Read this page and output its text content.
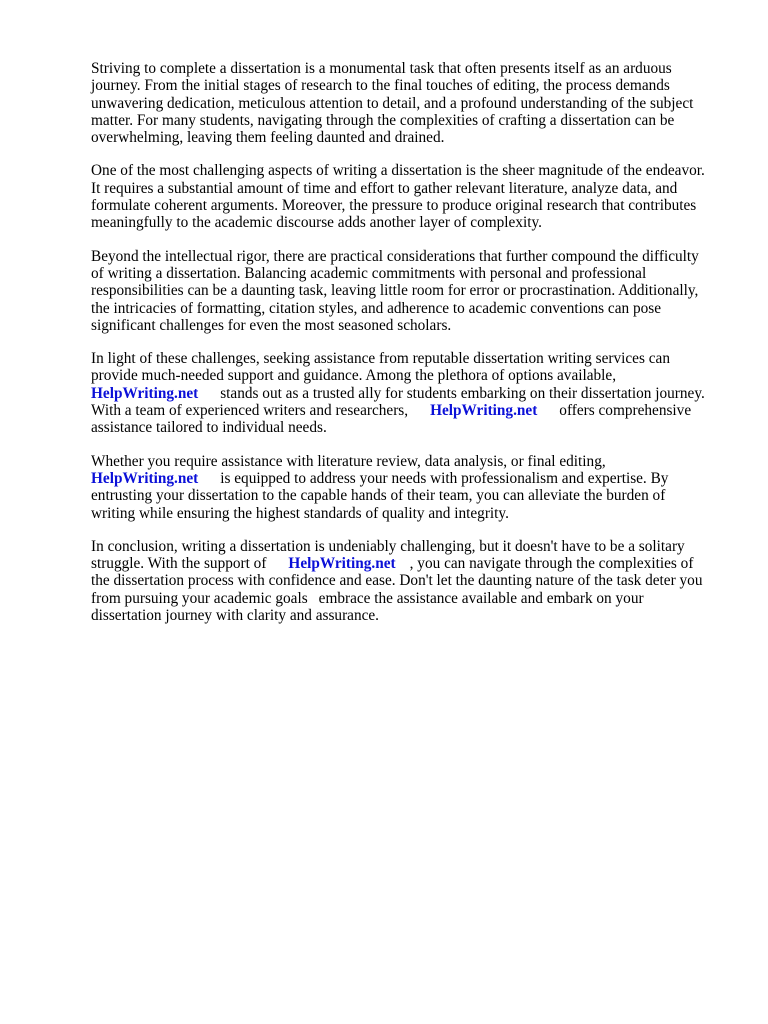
Striving to complete a dissertation is a monumental task that often presents itself as an arduous
journey. From the initial stages of research to the final touches of editing, the process demands
unwavering dedication, meticulous attention to detail, and a profound understanding of the subject
matter. For many students, navigating through the complexities of crafting a dissertation can be
overwhelming, leaving them feeling daunted and drained.

One of the most challenging aspects of writing a dissertation is the sheer magnitude of the endeavor.
It requires a substantial amount of time and effort to gather relevant literature, analyze data, and
formulate coherent arguments. Moreover, the pressure to produce original research that contributes
meaningfully to the academic discourse adds another layer of complexity.

Beyond the intellectual rigor, there are practical considerations that further compound the difficulty
of writing a dissertation. Balancing academic commitments with personal and professional
responsibilities can be a daunting task, leaving little room for error or procrastination. Additionally,
the intricacies of formatting, citation styles, and adherence to academic conventions can pose
significant challenges for even the most seasoned scholars.

In light of these challenges, seeking assistance from reputable dissertation writing services can
provide much-needed support and guidance. Among the plethora of options available,
HelpWriting.net stands out as a trusted ally for students embarking on their dissertation journey.
With a team of experienced writers and researchers, HelpWriting.net offers comprehensive
assistance tailored to individual needs.

Whether you require assistance with literature review, data analysis, or final editing,
HelpWriting.net is equipped to address your needs with professionalism and expertise. By
entrusting your dissertation to the capable hands of their team, you can alleviate the burden of
writing while ensuring the highest standards of quality and integrity.

In conclusion, writing a dissertation is undeniably challenging, but it doesn't have to be a solitary
struggle. With the support of HelpWriting.net , you can navigate through the complexities of
the dissertation process with confidence and ease. Don't let the daunting nature of the task deter you
from pursuing your academic goals embrace the assistance available and embark on your
dissertation journey with clarity and assurance.
